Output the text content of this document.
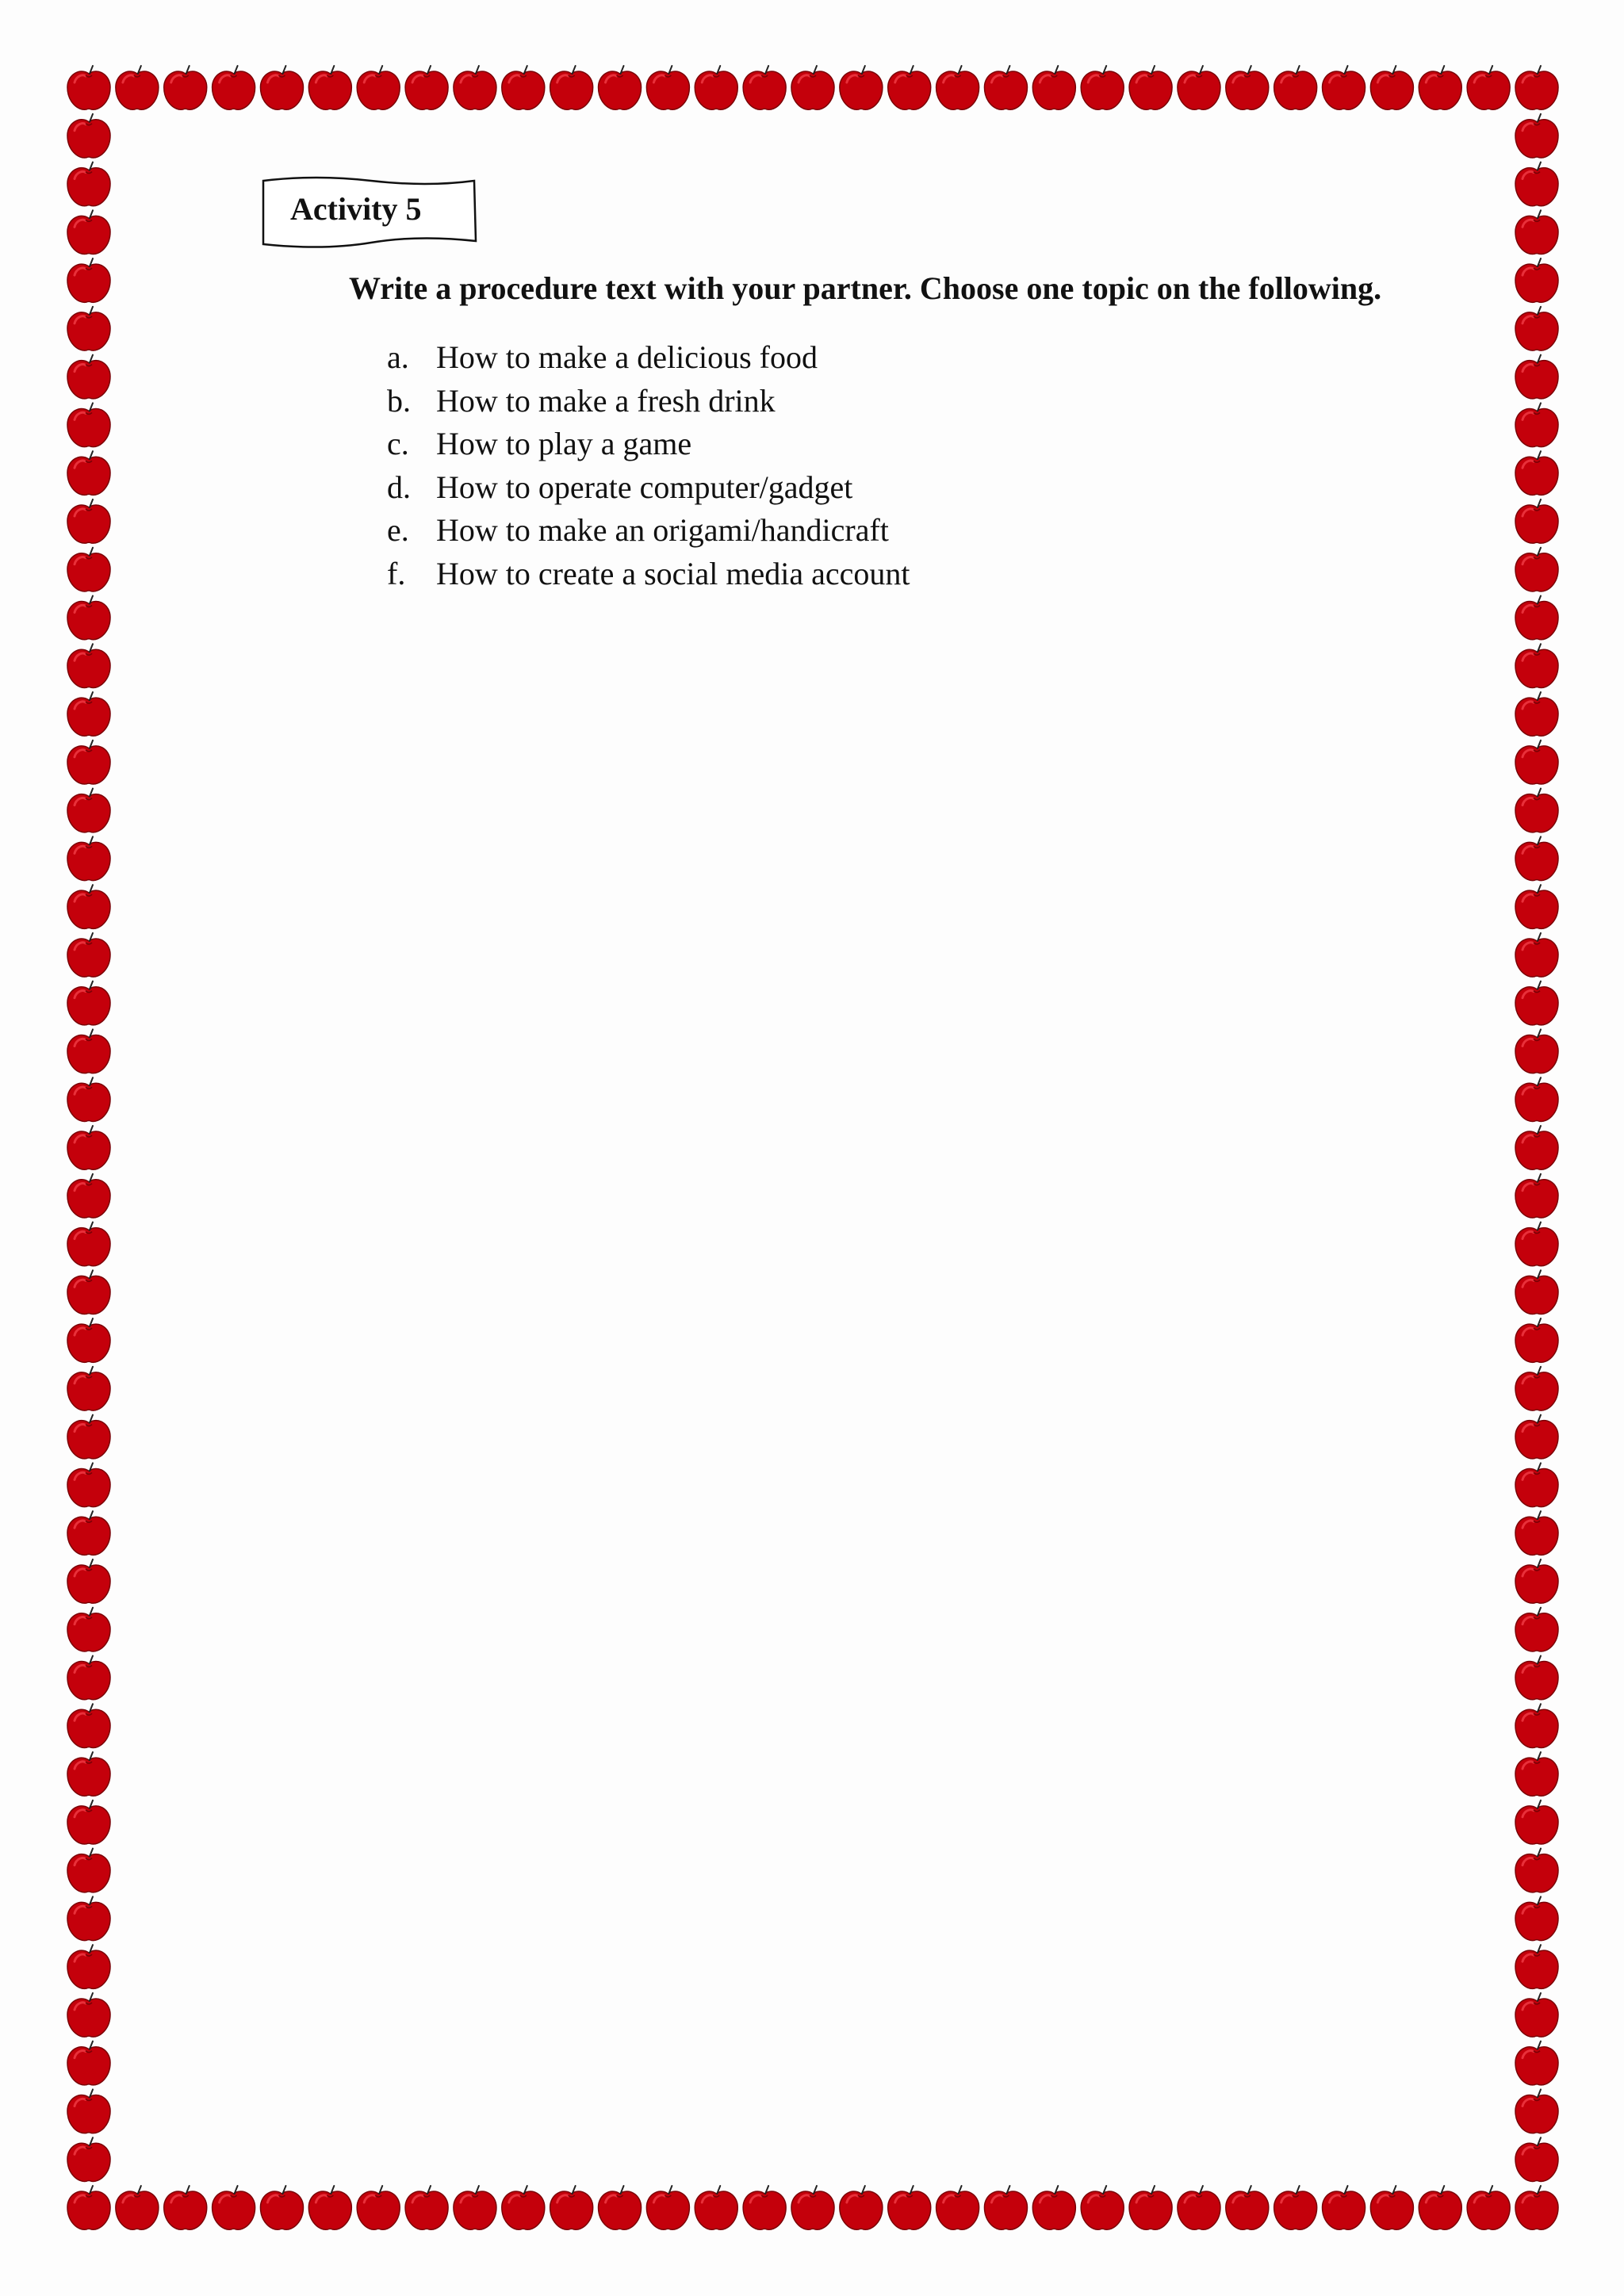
Activity 5
Write a procedure text with your partner. Choose one topic on the following.
a. How to make a delicious food
b. How to make a fresh drink
c. How to play a game
d. How to operate computer/gadget
e. How to make an origami/handicraft
f. How to create a social media account
